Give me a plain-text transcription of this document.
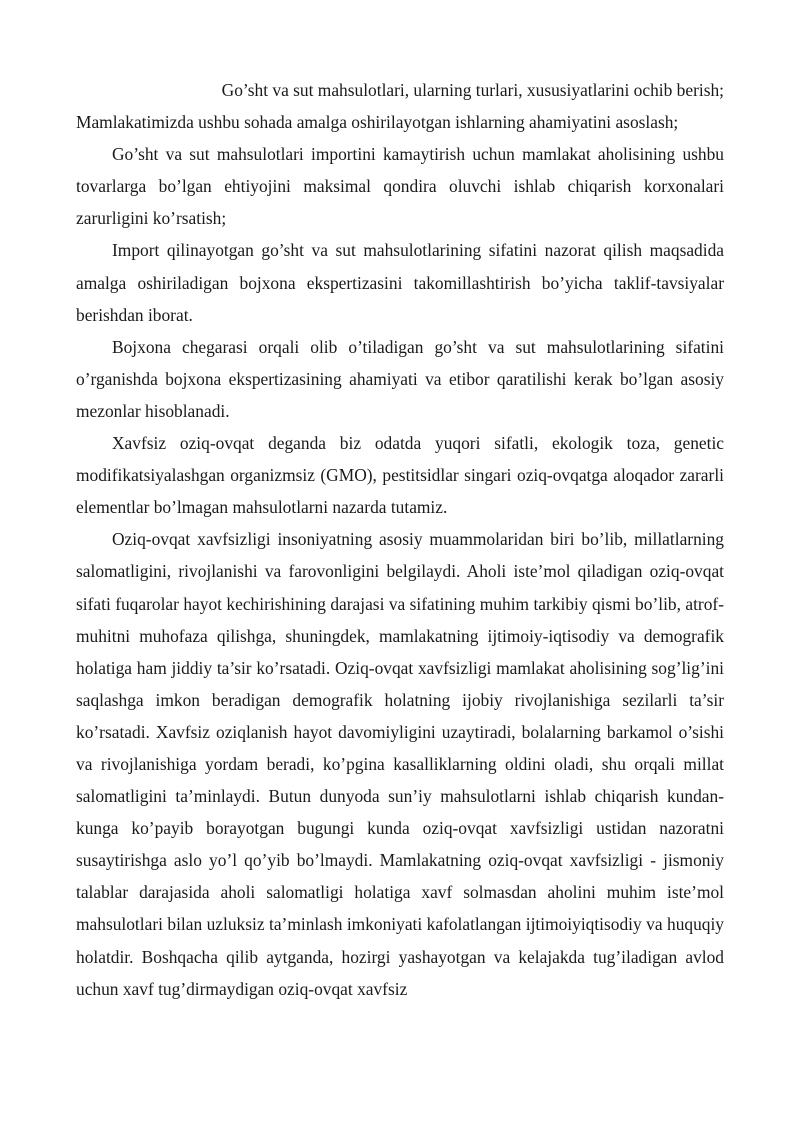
Go’sht va sut mahsulotlari, ularning turlari, xususiyatlarini ochib berish;

Mamlakatimizda ushbu sohada amalga oshirilayotgan ishlarning ahamiyatini asoslash;

Go’sht va sut mahsulotlari importini kamaytirish uchun mamlakat aholisining ushbu tovarlarga bo’lgan ehtiyojini maksimal qondira oluvchi ishlab chiqarish korxonalari zarurligini ko’rsatish;

Import qilinayotgan go’sht va sut mahsulotlarining sifatini nazorat qilish maqsadida amalga oshiriladigan bojxona ekspertizasini takomillashtirish bo’yicha taklif-tavsiyalar berishdan iborat.

Bojxona chegarasi orqali olib o’tiladigan go’sht va sut mahsulotlarining sifatini o’rganishda bojxona ekspertizasining ahamiyati va etibor qaratilishi kerak bo’lgan asosiy mezonlar hisoblanadi.

Xavfsiz oziq-ovqat deganda biz odatda yuqori sifatli, ekologik toza, genetic modifikatsiyalashgan organizmsiz (GMO), pestitsidlar singari oziq-ovqatga aloqador zararli elementlar bo’lmagan mahsulotlarni nazarda tutamiz.

Oziq-ovqat xavfsizligi insoniyatning asosiy muammolaridan biri bo’lib, millatlarning salomatligini, rivojlanishi va farovonligini belgilaydi. Aholi iste’mol qiladigan oziq-ovqat sifati fuqarolar hayot kechirishining darajasi va sifatining muhim tarkibiy qismi bo’lib, atrof-muhitni muhofaza qilishga, shuningdek, mamlakatning ijtimoiy-iqtisodiy va demografik holatiga ham jiddiy ta’sir ko’rsatadi. Oziq-ovqat xavfsizligi mamlakat aholisining sog’lig’ini saqlashga imkon beradigan demografik holatning ijobiy rivojlanishiga sezilarli ta’sir ko’rsatadi. Xavfsiz oziqlanish hayot davomiyligini uzaytiradi, bolalarning barkamol o’sishi va rivojlanishiga yordam beradi, ko’pgina kasalliklarning oldini oladi, shu orqali millat salomatligini ta’minlaydi. Butun dunyoda sun’iy mahsulotlarni ishlab chiqarish kundan-kunga ko’payib borayotgan bugungi kunda oziq-ovqat xavfsizligi ustidan nazoratni susaytirishga aslo yo’l qo’yib bo’lmaydi. Mamlakatning oziq-ovqat xavfsizligi - jismoniy talablar darajasida aholi salomatligi holatiga xavf solmasdan aholini muhim iste’mol mahsulotlari bilan uzluksiz ta’minlash imkoniyati kafolatlangan ijtimoiyiqtisodiy va huquqiy holatdir. Boshqacha qilib aytganda, hozirgi yashayotgan va kelajakda tug’iladigan avlod uchun xavf tug’dirmaydigan oziq-ovqat xavfsiz
